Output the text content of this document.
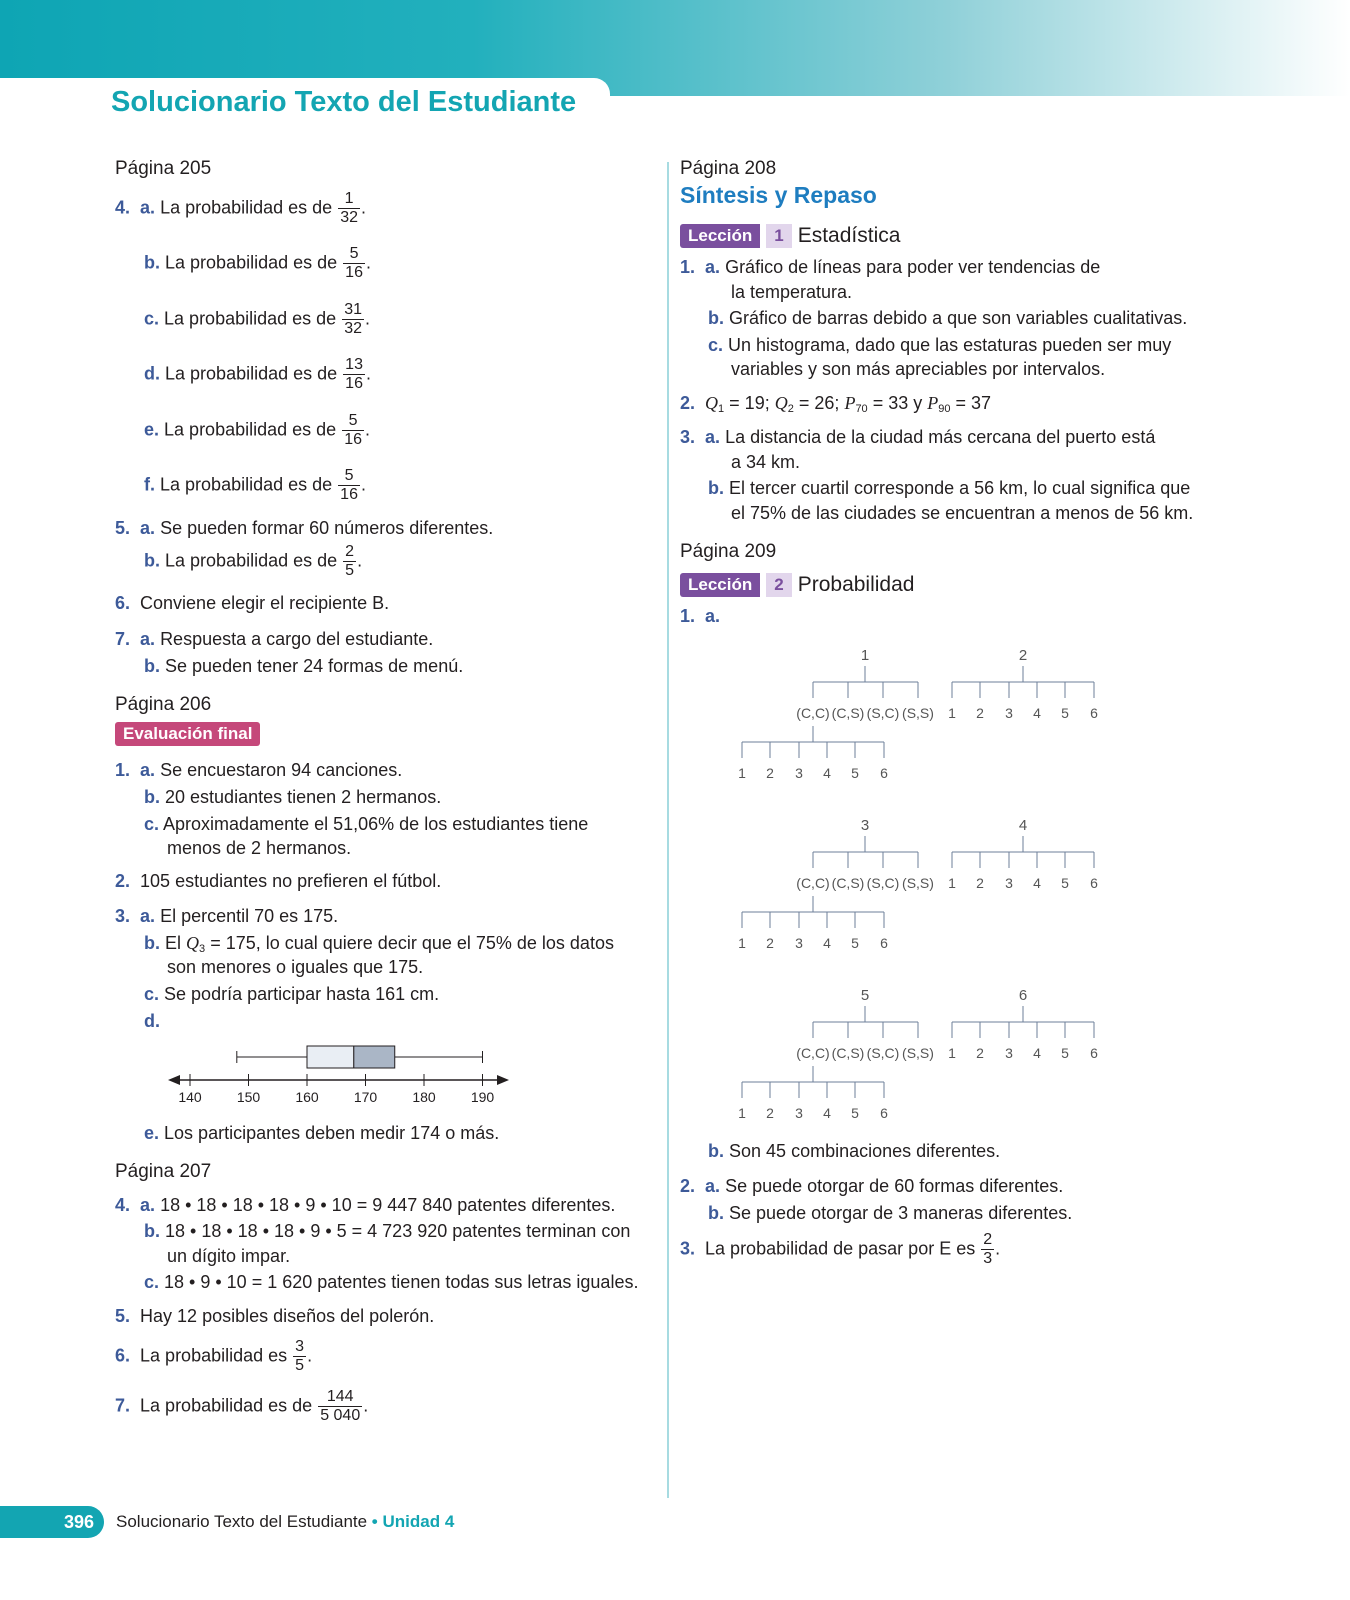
Solucionario Texto del Estudiante
Página 205
4. a. La probabilidad es de $\frac{1}{32}$ .
b. La probabilidad es de $\frac{5}{16}$ .
c. La probabilidad es de $\frac{31}{32}$ .
d. La probabilidad es de $\frac{13}{16}$ .
e. La probabilidad es de $\frac{5}{16}$ .
f. La probabilidad es de $\frac{5}{16}$ .
5. a. Se pueden formar 60 números diferentes.
b. La probabilidad es de $\frac{2}{5}$ .
6. Conviene elegir el recipiente B.
7. a. Respuesta a cargo del estudiante.
b. Se pueden tener 24 formas de menú.
Página 206
Evaluación final
1. a. Se encuestaron 94 canciones.
b. 20 estudiantes tienen 2 hermanos.
c. Aproximadamente el 51,06% de los estudiantes tiene
menos de 2 hermanos.
2. 105 estudiantes no prefieren el fútbol.
3. a. El percentil 70 es 175.
b. El $Q_3 = 175$, lo cual quiere decir que el 75% de los datos
son menores o iguales que 175.
c. Se podría participar hasta 161 cm.
d.
140	150	160	170	180	190
e. Los participantes deben medir 174 o más.
Página 207
4. a. 18 • 18 • 18 • 18 • 9 • 10 = 9 447 840 patentes diferentes.
b. 18 • 18 • 18 • 18 • 9 • 5 = 4 723 920 patentes terminan con
un dígito impar.
c. 18 • 9 • 10 = 1 620 patentes tienen todas sus letras iguales.
5. Hay 12 posibles diseños del polerón.
6. La probabilidad es $\frac{3}{5}$ .
7. La probabilidad es de $\frac{144}{5 040}$ .
Página 208
Síntesis y Repaso
Lección	1 Estadística
1. a. Gráfico de líneas para poder ver tendencias de
la temperatura.
b. Gráfico de barras debido a que son variables cualitativas.
c. Un histograma, dado que las estaturas pueden ser muy
variables y son más apreciables por intervalos.
2. $Q_1 = 19$; $Q_2 = 26$; $P_{70} = 33$ y $P_{90} = 37$
3. a. La distancia de la ciudad más cercana del puerto está
a 34 km.
b. El tercer cuartil corresponde a 56 km, lo cual significa que
el 75% de las ciudades se encuentran a menos de 56 km.
Página 209
Lección	2 Probabilidad
1. a.
1	2
(C,C) (C,S) (S,C) (S,S) 1 2 3 4 5 6
1 2 3 4 5 6
3	4
(C,C) (C,S) (S,C) (S,S) 1 2 3 4 5 6
1 2 3 4 5 6
5	6
(C,C) (C,S) (S,C) (S,S) 1 2 3 4 5 6
1 2 3 4 5 6
b. Son 45 combinaciones diferentes.
2. a. Se puede otorgar de 60 formas diferentes.
b. Se puede otorgar de 3 maneras diferentes.
3. La probabilidad de pasar por E es $\frac{2}{3}$ .
396 Solucionario Texto del Estudiante • Unidad 4
